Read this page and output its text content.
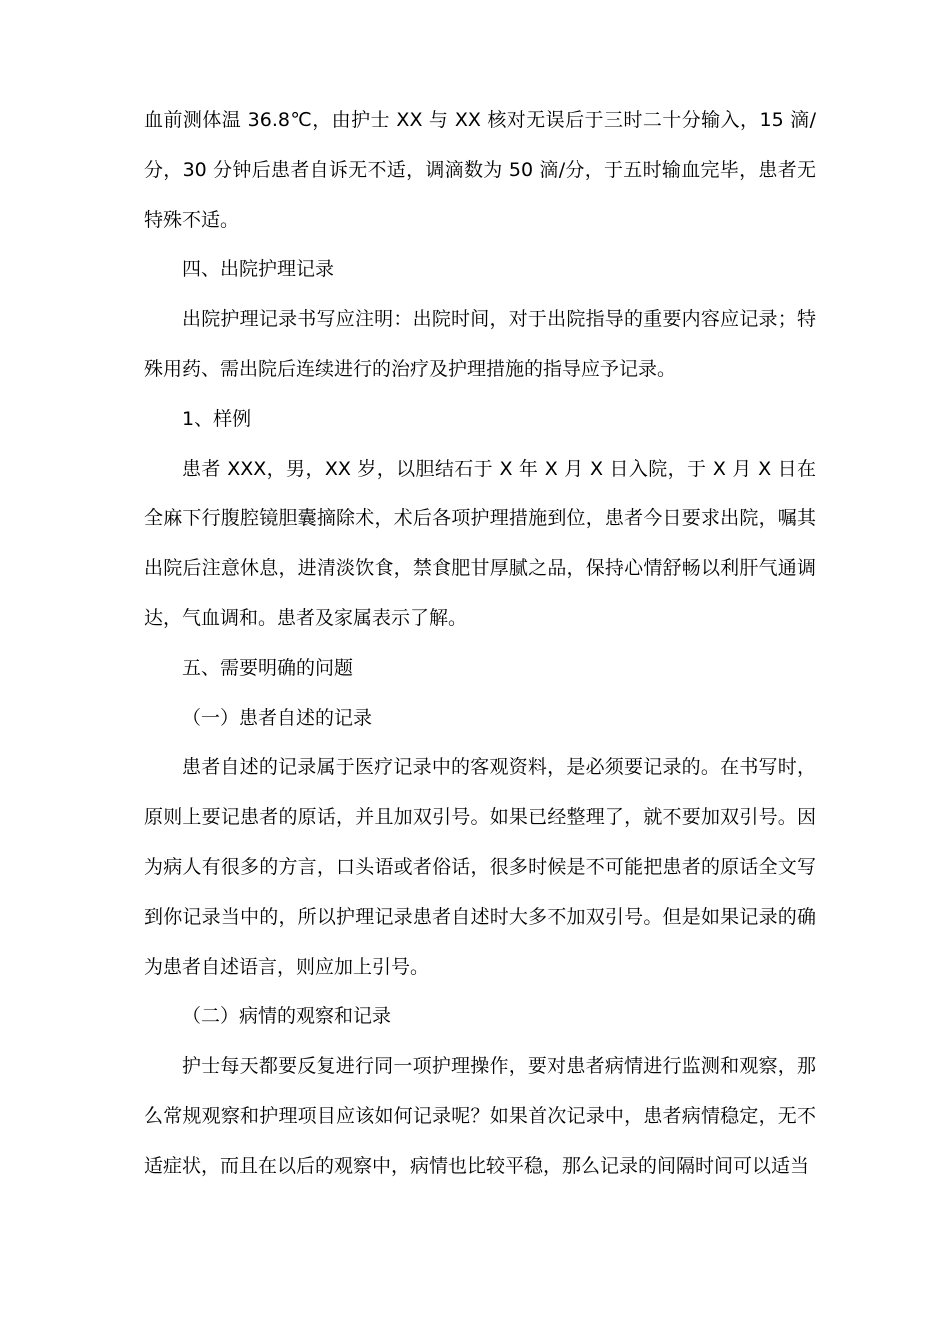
血前测体温 36.8℃，由护士 XX 与 XX 核对无误后于三时二十分输入，15 滴/分，30 分钟后患者自诉无不适，调滴数为 50 滴/分，于五时输血完毕，患者无特殊不适。

四、出院护理记录

出院护理记录书写应注明：出院时间，对于出院指导的重要内容应记录；特殊用药、需出院后连续进行的治疗及护理措施的指导应予记录。

1、样例

患者 XXX，男，XX 岁，以胆结石于 X 年 X 月 X 日入院，于 X 月 X 日在全麻下行腹腔镜胆囊摘除术，术后各项护理措施到位，患者今日要求出院，嘱其出院后注意休息，进清淡饮食，禁食肥甘厚腻之品，保持心情舒畅以利肝气通调达，气血调和。患者及家属表示了解。

五、需要明确的问题

（一）患者自述的记录

患者自述的记录属于医疗记录中的客观资料，是必须要记录的。在书写时，原则上要记患者的原话，并且加双引号。如果已经整理了，就不要加双引号。因为病人有很多的方言，口头语或者俗话，很多时候是不可能把患者的原话全文写到你记录当中的，所以护理记录患者自述时大多不加双引号。但是如果记录的确为患者自述语言，则应加上引号。

（二）病情的观察和记录

护士每天都要反复进行同一项护理操作，要对患者病情进行监测和观察，那么常规观察和护理项目应该如何记录呢？如果首次记录中，患者病情稳定，无不适症状，而且在以后的观察中，病情也比较平稳，那么记录的间隔时间可以适当
